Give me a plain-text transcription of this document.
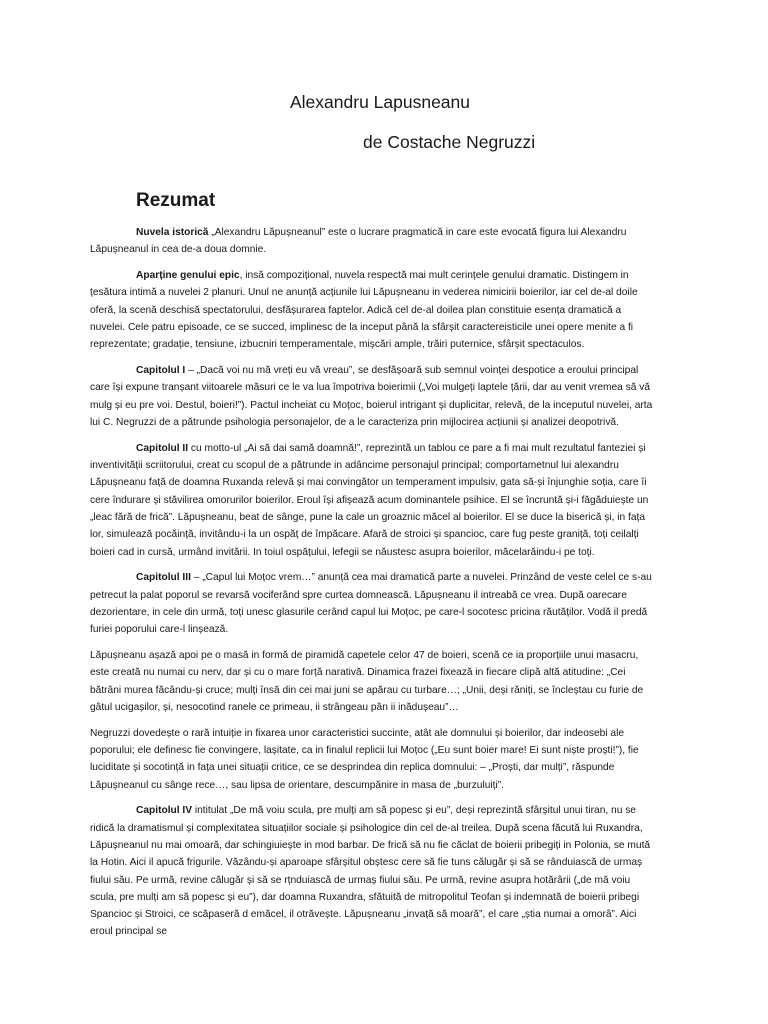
Alexandru Lapusneanu
de Costache Negruzzi
Rezumat

Nuvela istorică „Alexandru Lăpușneanul” este o lucrare pragmatică in care este evocată figura lui Alexandru Lăpușneanul in cea de-a doua domnie.

Aparține genului epic, insă compozițional, nuvela respectă mai mult cerințele genului dramatic. Distingem in țesătura intimă a nuvelei 2 planuri. Unul ne anunță acțiunile lui Lăpușneanu in vederea nimicirii boierilor, iar cel de-al doile oferă, la scenă deschisă spectatorului, desfășurarea faptelor. Adică cel de-al doilea plan constituie esența dramatică a nuvelei. Cele patru episoade, ce se succed, implinesc de la inceput până la sfârșit caractereisticile unei opere menite a fi reprezentate; gradație, tensiune, izbucniri temperamentale, mișcări ample, trăiri puternice, sfârșit spectaculos.

Capitolul I – „Dacă voi nu mă vreți eu vă vreau”, se desfășoară sub semnul voinței despotice a eroului principal care își expune tranșant viitoarele măsuri ce le va lua împotriva boierimii („Voi mulgeți laptele țării, dar au venit vremea să vă mulg și eu pre voi. Destul, boieri!”). Pactul incheiat cu Moțoc, boierul intrigant și duplicitar, relevă, de la inceputul nuvelei, arta lui C. Negruzzi de a pătrunde psihologia personajelor, de a le caracteriza prin mijlocirea acțiunii și analizei deopotrivă.

Capitolul II cu motto-ul „Ai să dai samă doamnă!”, reprezintă un tablou ce pare a fi mai mult rezultatul fanteziei și inventivității scriitorului, creat cu scopul de a pătrunde in adâncime personajul principal; comportametnul lui alexandru Lăpușneanu față de doamna Ruxanda relevă și mai convingător un temperament impulsiv, gata să-și înjunghie soția, care îi cere îndurare și stăvilirea omorurilor boierilor. Eroul își afișează acum dominantele psihice. El se încruntă și-i făgăduiește un „leac fără de frică”. Lăpușneanu, beat de sânge, pune la cale un groaznic măcel al boierilor. El se duce la biserică și, in fața lor, simulează pocăință, invitându-i la un ospăț de împăcare. Afară de stroici și spancioc, care fug peste graniță, toți ceilalți boieri cad in cursă, urmând invitării. In toiul ospățului, lefegii se năustesc asupra boierilor, măcelarăindu-i pe toți.

Capitolul III – „Capul lui Moțoc vrem…” anunță cea mai dramatică parte a nuvelei. Prinzând de veste celel ce s-au petrecut la palat poporul se revarsă vociferând spre curtea domnească. Lăpușneanu il intreabă ce vrea. După oarecare dezorientare, in cele din urmă, toți unesc glasurile cerând capul lui Moțoc, pe care-l socotesc pricina răutăților. Vodă il predă furiei poporului care-l linșează.

Lăpușneanu așază apoi pe o masă in formă de piramidă capetele celor 47 de boieri, scenă ce ia proporțiile unui masacru, este creată nu numai cu nerv, dar și cu o mare forță narativă. Dinamica frazei fixează in fiecare clipă altă atitudine: „Cei bătrâni murea făcându-și cruce; mulți însă din cei mai juni se apărau cu turbare…; „Unii, deși răniți, se încleștau cu furie de gâtul ucigașilor, și, nesocotind ranele ce primeau, ii strângeau pân ii inădușeau”…

Negruzzi dovedește o rară intuiție in fixarea unor caracteristici succinte, atât ale domnului și boierilor, dar indeosebi ale poporului; ele definesc fie convingere, lașitate, ca in finalul replicii lui Moțoc („Eu sunt boier mare! Ei sunt niște proști!”), fie luciditate și socotință in fața unei situații critice, ce se desprindea din replica domnului: – „Proști, dar mulți”, răspunde Lăpușneanul cu sânge rece…, sau lipsa de orientare, descumpănire in masa de „burzuluiți”.

Capitolul IV intitulat „De mă voiu scula, pre mulți am să popesc și eu”, deși reprezintă sfârșitul unui tiran, nu se ridică la dramatismul și complexitatea situațiilor sociale și psihologice din cel de-al treilea. După scena făcută lui Ruxandra, Lăpușneanul nu mai omoară, dar schingiuiește in mod barbar. De frică să nu fie căclat de boierii pribegiți in Polonia, se mută la Hotin. Aici il apucă frigurile. Văzându-și aparoape sfârșitul obștesc cere să fie tuns călugăr și să se rânduiască de urmaș fiului său. Pe urmă, revine călugăr și să se rțnduiască de urmaș fiului său. Pe urmă, revine asupra hotărârii („de mă voiu scula, pre mulți am să popesc și eu”), dar doamna Ruxandra, sfătuită de mitropolitul Teofan și indemnată de boierii pribegi Spancioc și Stroici, ce scăpaseră d emăcel, il otrăvește. Lăpușneanu „invață să moară”, el care „știa numai a omorâ”. Aici eroul principal se
